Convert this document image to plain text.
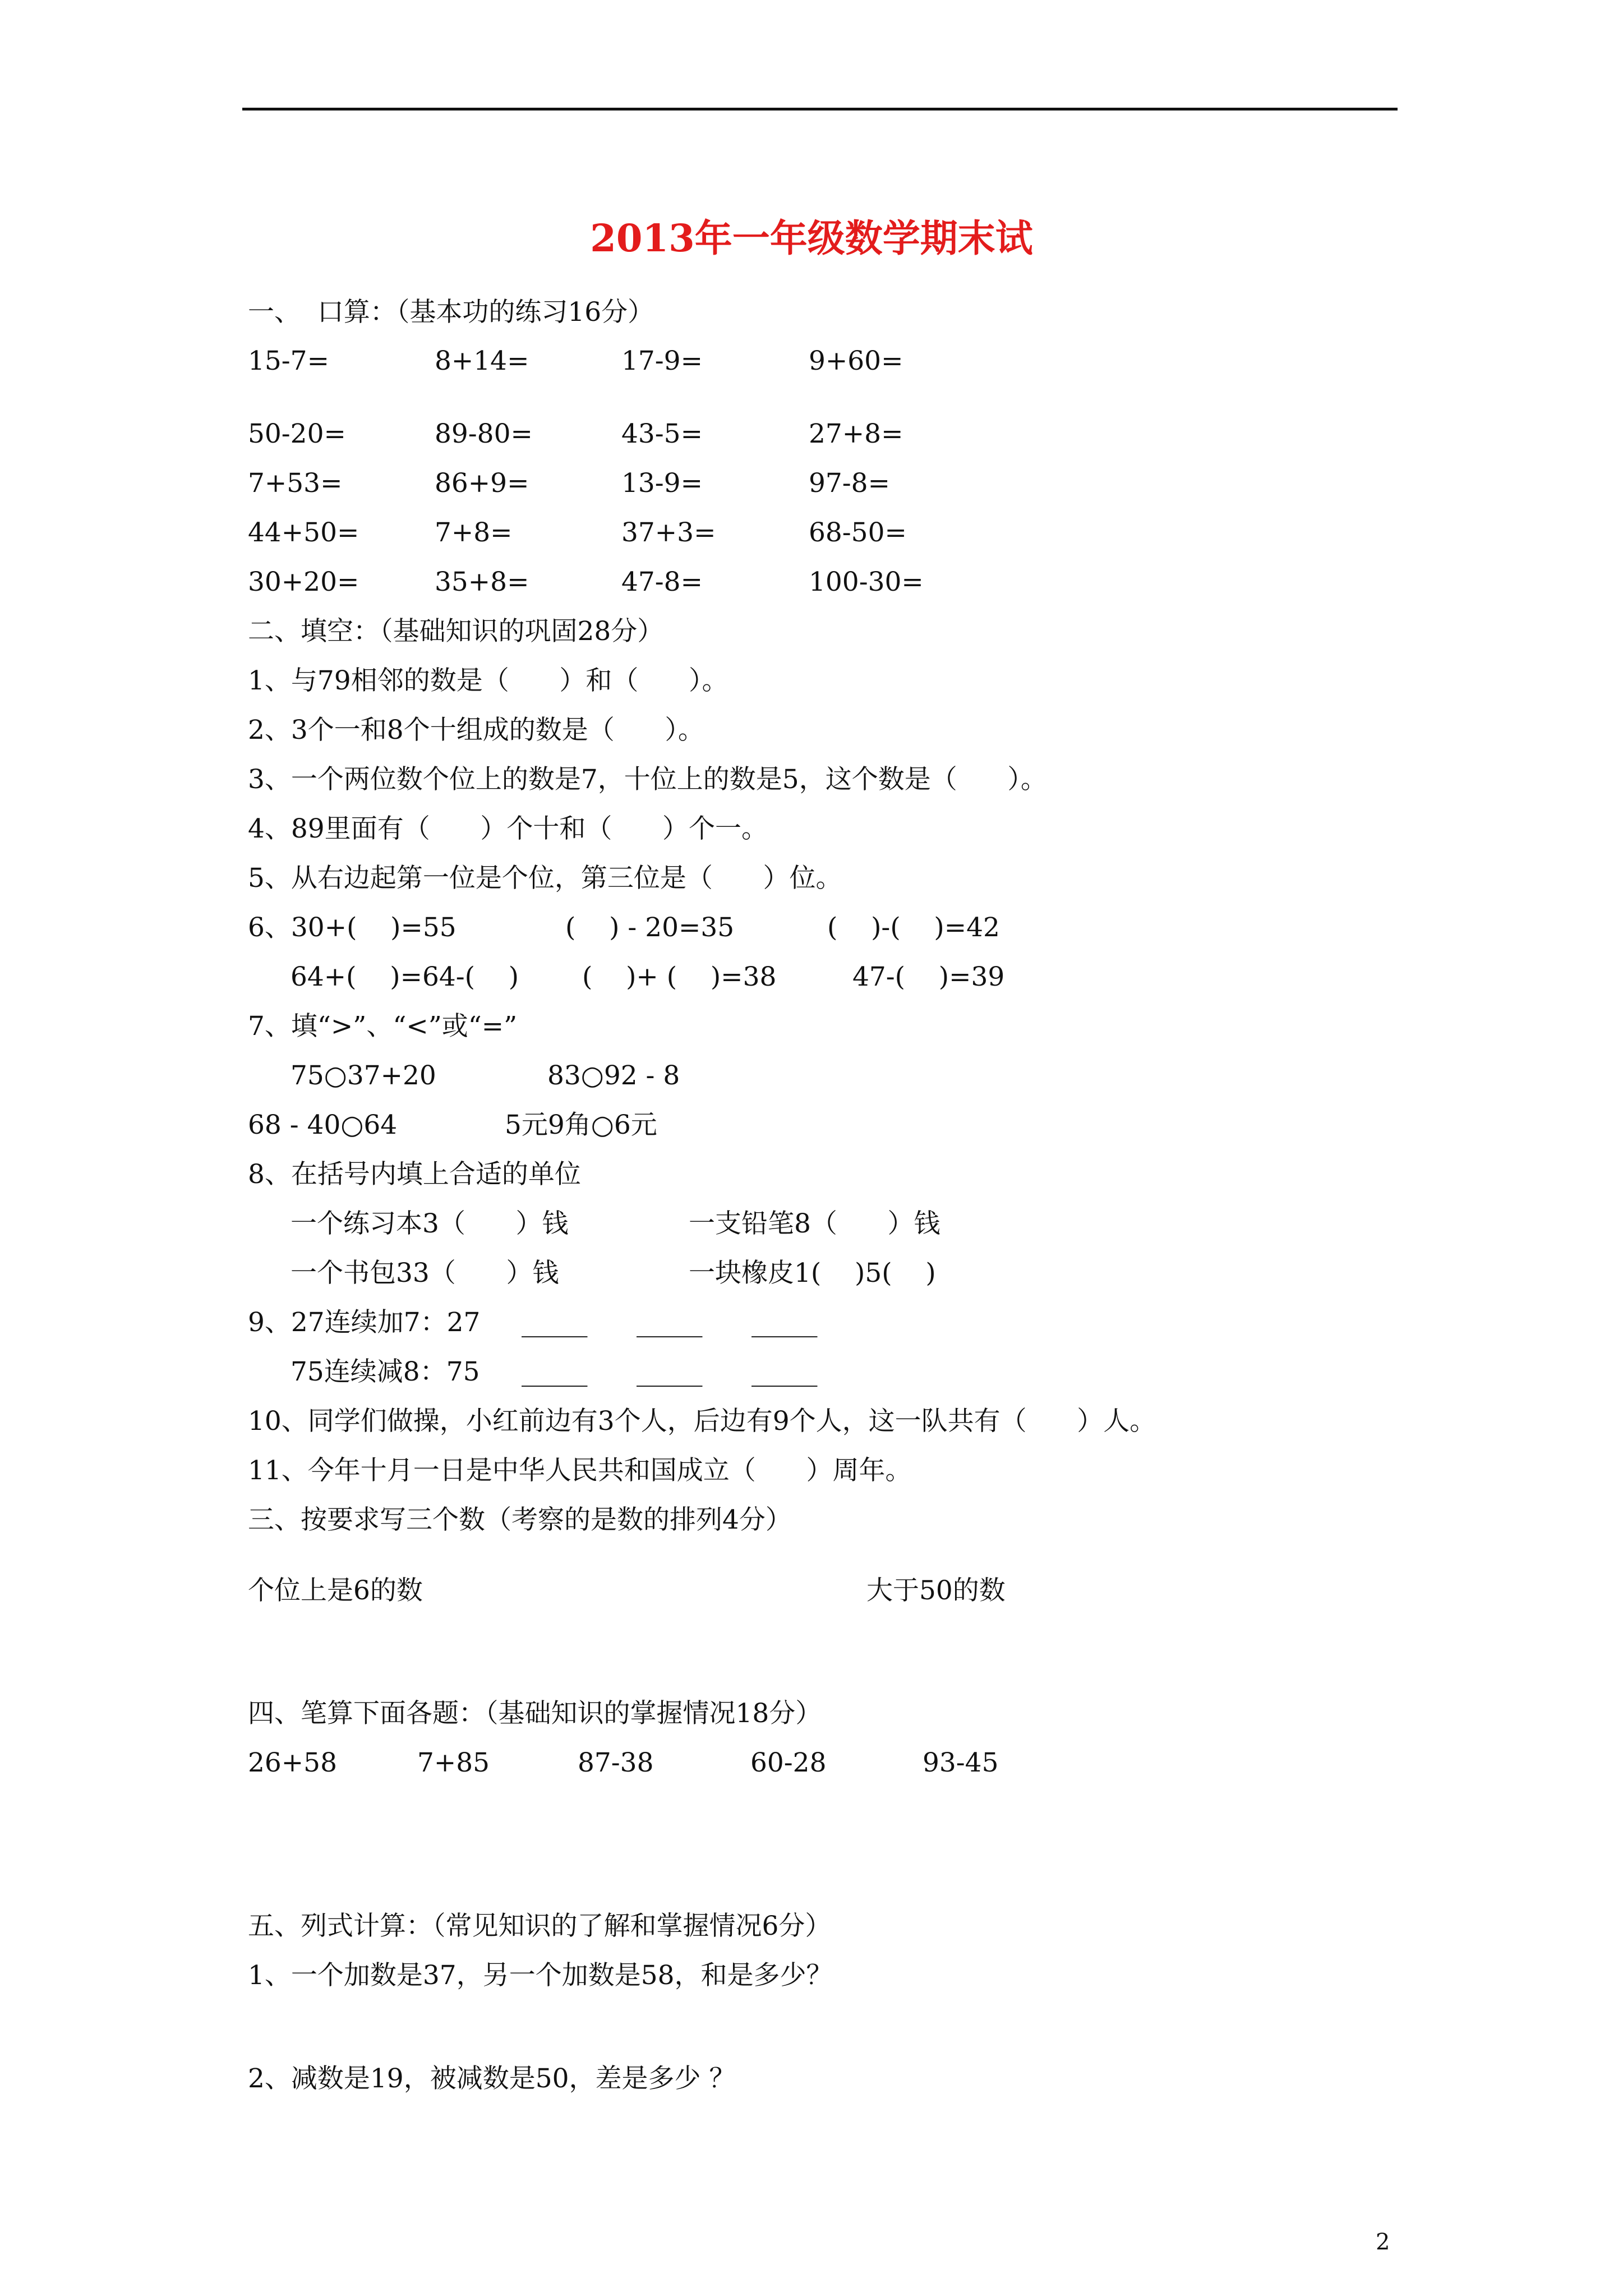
2013年一年级数学期末试
一、  口算：（基本功的练习16分）
15-7=	8+14=	17-9=	9+60=
50-20=	89-80=	43-5=	27+8=
7+53=	86+9=	13-9=	97-8=
44+50=	7+8=	37+3=	68-50=
30+20=	35+8=	47-8=	100-30=
二、填空：（基础知识的巩固28分）
1、与79相邻的数是（      ）和（      ）。
2、3个一和8个十组成的数是（      ）。
3、一个两位数个位上的数是7，十位上的数是5，这个数是（      ）。
4、89里面有（      ）个十和（      ）个一。
5、从右边起第一位是个位，第三位是（      ）位。
6、30+(    )=55	(    ) - 20=35	(    )-(    )=42
64+(    )=64-(    ) (    )+ (    )=38	47-(    )=39
7、填“>”、“<”或“=”
75○37+20	83○92 - 8
68 - 40○64	5元9角○6元
8、在括号内填上合适的单位
一个练习本3（      ）钱	一支铅笔8（      ）钱
一个书包33（      ）钱	一块橡皮1(    )5(    )
9、27连续加7：27 _____ _____ _____
75连续减8：75 _____ _____ _____
10、同学们做操，小红前边有3个人，后边有9个人，这一队共有（      ）人。
11、今年十月一日是中华人民共和国成立（      ）周年。
三、按要求写三个数（考察的是数的排列4分）
个位上是6的数	大于50的数
四、笔算下面各题：（基础知识的掌握情况18分）
26+58	7+85	87-38	60-28	93-45
五、列式计算：（常见知识的了解和掌握情况6分）
1、一个加数是37，另一个加数是58，和是多少？
2、减数是19，被减数是50，差是多少 ？
2
